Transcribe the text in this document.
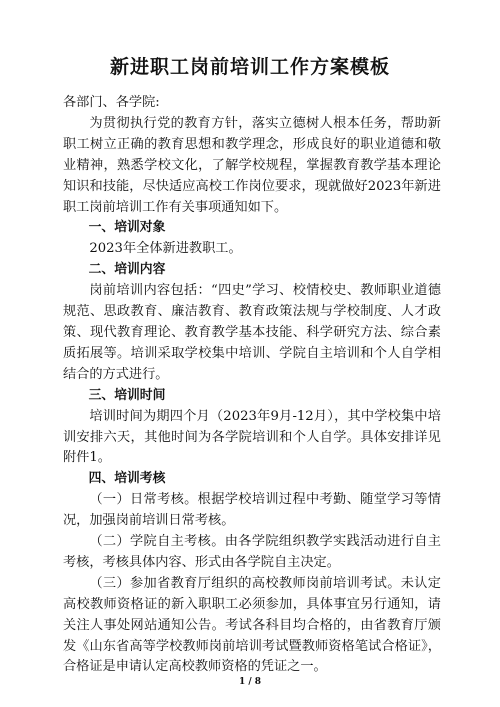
新进职工岗前培训工作方案模板

各部门、各学院:

为贯彻执行党的教育方针，落实立德树人根本任务，帮助新职工树立正确的教育思想和教学理念，形成良好的职业道德和敬业精神，熟悉学校文化，了解学校规程，掌握教育教学基本理论知识和技能，尽快适应高校工作岗位要求，现就做好2023年新进职工岗前培训工作有关事项通知如下。

一、培训对象

2023年全体新进教职工。

二、培训内容

岗前培训内容包括：“四史”学习、校情校史、教师职业道德规范、思政教育、廉洁教育、教育政策法规与学校制度、人才政策、现代教育理论、教育教学基本技能、科学研究方法、综合素质拓展等。培训采取学校集中培训、学院自主培训和个人自学相结合的方式进行。

三、培训时间

培训时间为期四个月（2023年9月-12月），其中学校集中培训安排六天，其他时间为各学院培训和个人自学。具体安排详见附件1。

四、培训考核

（一）日常考核。根据学校培训过程中考勤、随堂学习等情况，加强岗前培训日常考核。

（二）学院自主考核。由各学院组织教学实践活动进行自主考核，考核具体内容、形式由各学院自主决定。

（三）参加省教育厅组织的高校教师岗前培训考试。未认定高校教师资格证的新入职职工必须参加，具体事宜另行通知，请关注人事处网站通知公告。考试各科目均合格的，由省教育厅颁发《山东省高等学校教师岗前培训考试暨教师资格笔试合格证》，合格证是申请认定高校教师资格的凭证之一。

1 / 8
